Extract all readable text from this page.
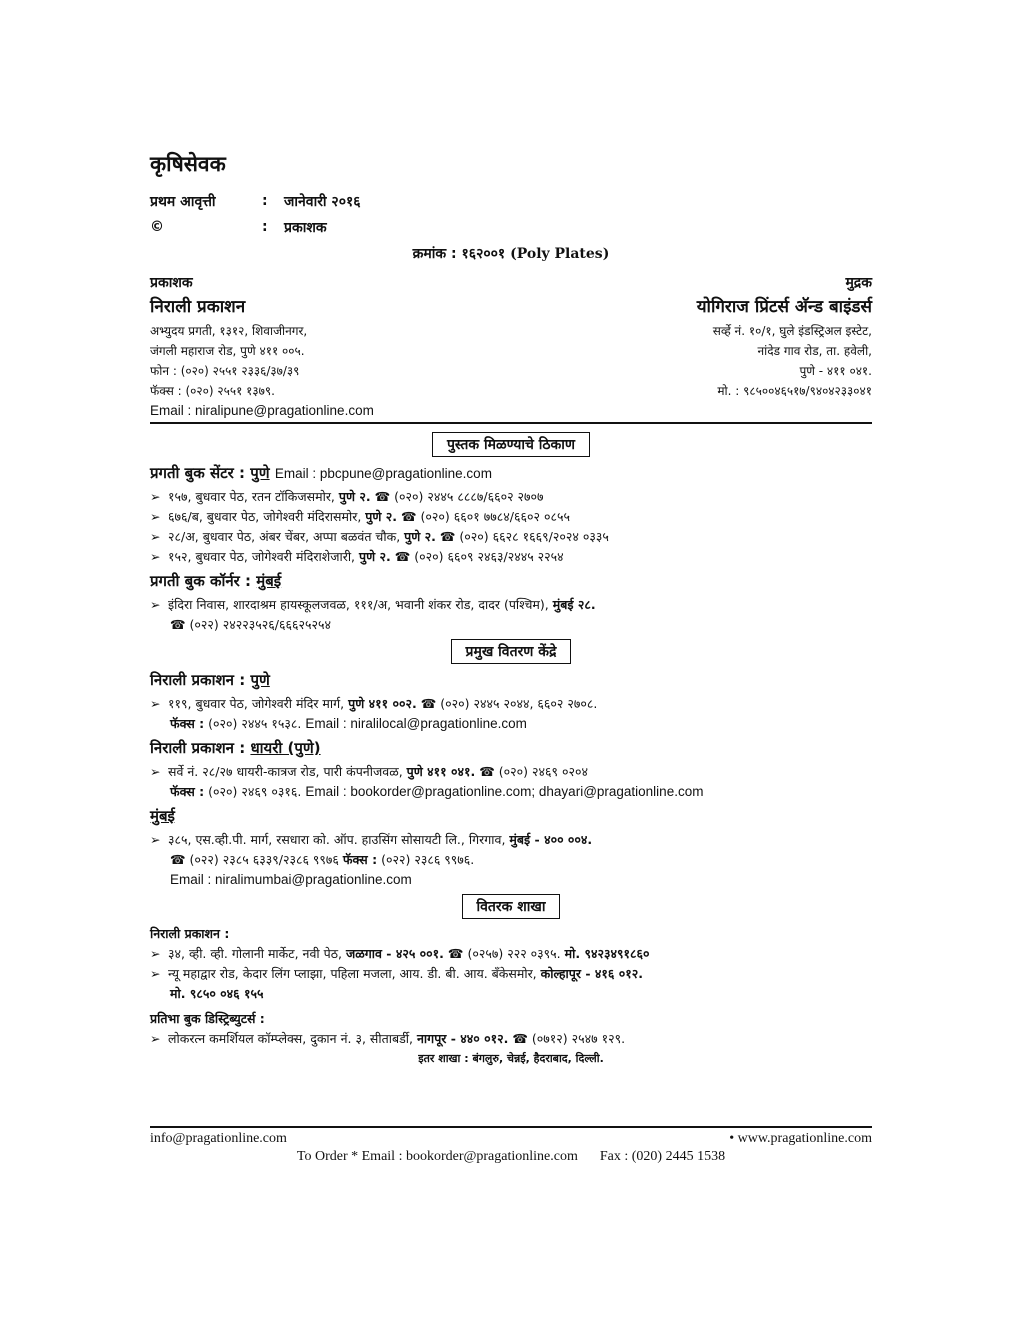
कृषिसेवक
प्रथम आवृत्ती	:	जानेवारी २०१६
©	:	प्रकाशक
क्रमांक : १६२००१ (Poly Plates)
प्रकाशक
निराली प्रकाशन
अभ्युदय प्रगती, १३१२, शिवाजीनगर,
जंगली महाराज रोड, पुणे ४११ ००५.
फोन : (०२०) २५५१ २३३६/३७/३९
फॅक्स : (०२०) २५५१ १३७९.
Email : niralipune@pragationline.com
मुद्रक
योगिराज प्रिंटर्स अ‍ॅन्ड बाइंडर्स
सर्व्हे नं. १०/१, घुले इंडस्ट्रिअल इस्टेट,
नांदेड गाव रोड, ता. हवेली,
पुणे - ४११ ०४१.
मो. : ९८५००४६५१७/९४०४२३३०४१
पुस्तक मिळण्याचे ठिकाण
प्रगती बुक सेंटर : पुणे Email : pbcpune@pragationline.com
➢ १५७, बुधवार पेठ, रतन टॉकिजसमोर, पुणे २. ☎ (०२०) २४४५ ८८८७/६६०२ २७०७
➢ ६७६/ब, बुधवार पेठ, जोगेश्वरी मंदिरासमोर, पुणे २. ☎ (०२०) ६६०१ ७७८४/६६०२ ०८५५
➢ २८/अ, बुधवार पेठ, अंबर चेंबर, अप्पा बळवंत चौक, पुणे २. ☎ (०२०) ६६२८ १६६९/२०२४ ०३३५
➢ १५२, बुधवार पेठ, जोगेश्वरी मंदिराशेजारी, पुणे २. ☎ (०२०) ६६०९ २४६३/२४४५ २२५४
प्रगती बुक कॉर्नर : मुंबई
➢ इंदिरा निवास, शारदाश्रम हायस्कूलजवळ, १११/अ, भवानी शंकर रोड, दादर (पश्चिम), मुंबई २८.
☎ (०२२) २४२२३५२६/६६६२५२५४
प्रमुख वितरण केंद्रे
निराली प्रकाशन : पुणे
➢ ११९, बुधवार पेठ, जोगेश्वरी मंदिर मार्ग, पुणे ४११ ००२. ☎ (०२०) २४४५ २०४४, ६६०२ २७०८.
फॅक्स : (०२०) २४४५ १५३८. Email : niralilocal@pragationline.com
निराली प्रकाशन : धायरी (पुणे)
➢ सर्वे नं. २८/२७ धायरी-कात्रज रोड, पारी कंपनीजवळ, पुणे ४११ ०४१. ☎ (०२०) २४६९ ०२०४
फॅक्स : (०२०) २४६९ ०३१६. Email : bookorder@pragationline.com; dhayari@pragationline.com
मुंबई
➢ ३८५, एस.व्ही.पी. मार्ग, रसधारा को. ऑप. हाउसिंग सोसायटी लि., गिरगाव, मुंबई - ४०० ००४.
☎ (०२२) २३८५ ६३३९/२३८६ ९९७६ फॅक्स : (०२२) २३८६ ९९७६.
Email : niralimumbai@pragationline.com
वितरक शाखा
निराली प्रकाशन :
➢ ३४, व्ही. व्ही. गोलानी मार्केट, नवी पेठ, जळगाव - ४२५ ००१. ☎ (०२५७) २२२ ०३९५. मो. ९४२३४९१८६०
➢ न्यू महाद्वार रोड, केदार लिंग प्लाझा, पहिला मजला, आय. डी. बी. आय. बँकेसमोर, कोल्हापूर - ४१६ ०१२.
मो. ९८५० ०४६ १५५
प्रतिभा बुक डिस्ट्रिब्युटर्स :
➢ लोकरत्न कमर्शियल कॉम्प्लेक्स, दुकान नं. ३, सीताबर्डी, नागपूर - ४४० ०१२. ☎ (०७१२) २५४७ १२९.
इतर शाखा : बंगलुरु, चेन्नई, हैदराबाद, दिल्ली.
info@pragationline.com	• www.pragationline.com
To Order * Email : bookorder@pragationline.com Fax : (020) 2445 1538
